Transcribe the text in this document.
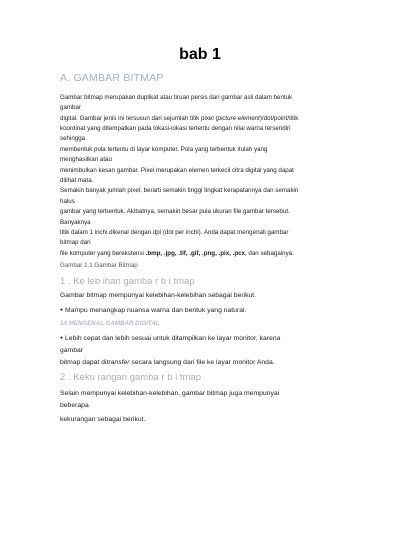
bab 1
A. GAMBAR BITMAP
Gambar bitmap merupakan duplikat atau tiruan persis dari gambar asli dalam bentuk
gambar
digital. Gambar jenis ini tersusun dari sejumlah titik pixel (picture element)/dot/point/titik
koordinat yang ditempatkan pada lokasi-lokasi tertentu dengan nilai warna tersendiri
sehingga
membentuk pola tertentu di layar komputer. Pola yang terbentuk itulah yang
menghasilkan atau
menimbulkan kesan gambar. Pixel merupakan elemen terkecil citra digital yang dapat
dilihat mata.
Semakin banyak jumlah pixel, berarti semakin tinggi tingkat kerapatannya dan semakin
halus
gambar yang terbentuk. Akibatnya, semakin besar pula ukuran file gambar tersebut.
Banyaknya
titik dalam 1 inchi dikenal dengan dpi (dot per inchi). Anda dapat mengenali gambar
bitmap dari
file komputer yang berekstensi .bmp, .jpg, .tif, .gif, .png, .pix, .pcx, dan sebagainya.
Gambar 1.1 Gambar Bitmap
1 . Ke leb ihan gamba r b i tmap
Gambar bitmap mempunyai kelebihan-kelebihan sebagai berikut.
● Mampu menangkap nuansa warna dan bentuk yang natural.
14 MENGENAL GAMBAR DIGITAL
● Lebih cepat dan lebih sesuai untuk ditampilkan ke layar monitor, karena
gambar
bitmap dapat ditransfer secara langsung dari file ke layar monitor Anda.
2 . Keku rangan gamba r b i tmap
Selain mempunyai kelebihan-kelebihan, gambar bitmap juga mempunyai
beberapa
kekurangan sebagai berikut.
